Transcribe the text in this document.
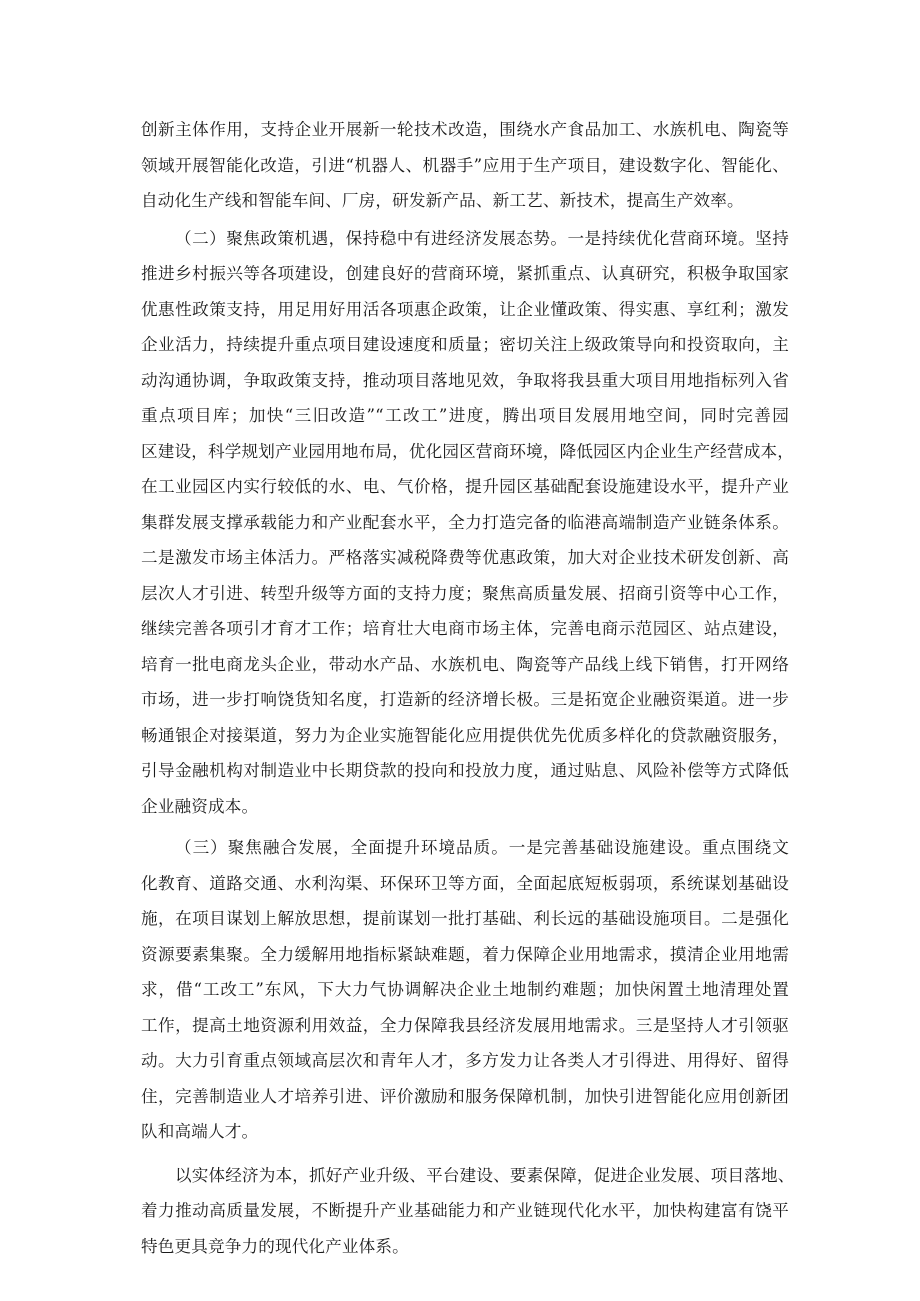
创新主体作用，支持企业开展新一轮技术改造，围绕水产食品加工、水族机电、陶瓷等
领域开展智能化改造，引进“机器人、机器手”应用于生产项目，建设数字化、智能化、
自动化生产线和智能车间、厂房，研发新产品、新工艺、新技术，提高生产效率。
（二）聚焦政策机遇，保持稳中有进经济发展态势。一是持续优化营商环境。坚持
推进乡村振兴等各项建设，创建良好的营商环境，紧抓重点、认真研究，积极争取国家
优惠性政策支持，用足用好用活各项惠企政策，让企业懂政策、得实惠、享红利；激发
企业活力，持续提升重点项目建设速度和质量；密切关注上级政策导向和投资取向，主
动沟通协调，争取政策支持，推动项目落地见效，争取将我县重大项目用地指标列入省
重点项目库；加快“三旧改造”“工改工”进度，腾出项目发展用地空间，同时完善园
区建设，科学规划产业园用地布局，优化园区营商环境，降低园区内企业生产经营成本，
在工业园区内实行较低的水、电、气价格，提升园区基础配套设施建设水平，提升产业
集群发展支撑承载能力和产业配套水平，全力打造完备的临港高端制造产业链条体系。
二是激发市场主体活力。严格落实减税降费等优惠政策，加大对企业技术研发创新、高
层次人才引进、转型升级等方面的支持力度；聚焦高质量发展、招商引资等中心工作，
继续完善各项引才育才工作；培育壮大电商市场主体，完善电商示范园区、站点建设，
培育一批电商龙头企业，带动水产品、水族机电、陶瓷等产品线上线下销售，打开网络
市场，进一步打响饶货知名度，打造新的经济增长极。三是拓宽企业融资渠道。进一步
畅通银企对接渠道，努力为企业实施智能化应用提供优先优质多样化的贷款融资服务，
引导金融机构对制造业中长期贷款的投向和投放力度，通过贴息、风险补偿等方式降低
企业融资成本。
（三）聚焦融合发展，全面提升环境品质。一是完善基础设施建设。重点围绕文
化教育、道路交通、水利沟渠、环保环卫等方面，全面起底短板弱项，系统谋划基础设
施，在项目谋划上解放思想，提前谋划一批打基础、利长远的基础设施项目。二是强化
资源要素集聚。全力缓解用地指标紧缺难题，着力保障企业用地需求，摸清企业用地需
求，借“工改工”东风，下大力气协调解决企业土地制约难题；加快闲置土地清理处置
工作，提高土地资源利用效益，全力保障我县经济发展用地需求。三是坚持人才引领驱
动。大力引育重点领域高层次和青年人才，多方发力让各类人才引得进、用得好、留得
住，完善制造业人才培养引进、评价激励和服务保障机制，加快引进智能化应用创新团
队和高端人才。
以实体经济为本，抓好产业升级、平台建设、要素保障，促进企业发展、项目落地、
着力推动高质量发展，不断提升产业基础能力和产业链现代化水平，加快构建富有饶平
特色更具竞争力的现代化产业体系。
